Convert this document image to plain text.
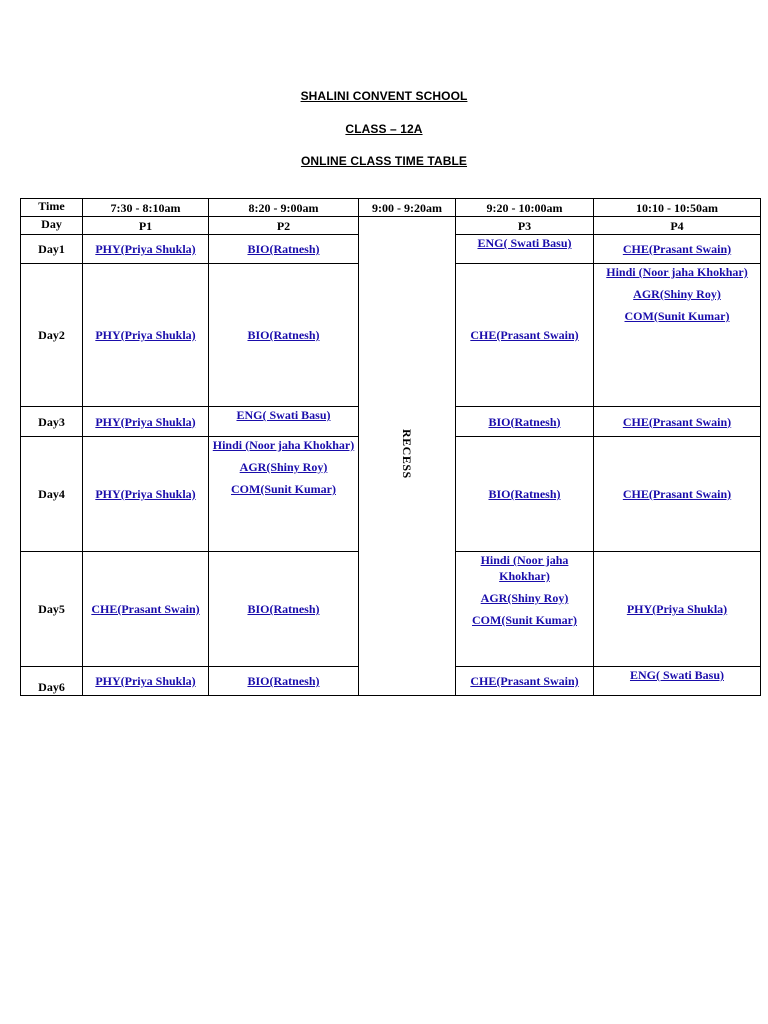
SHALINI CONVENT SCHOOL
CLASS – 12A
ONLINE CLASS TIME TABLE
Time	7:30 - 8:10am	8:20 - 9:00am	9:00 - 9:20am	9:20 - 10:00am	10:10 - 10:50am
Day	P1	P2	RECESS	P3	P4
Day1	PHY(Priya Shukla)	BIO(Ratnesh)		ENG( Swati Basu)	CHE(Prasant Swain)

Day2	PHY(Priya Shukla)	BIO(Ratnesh)		CHE(Prasant Swain)	Hindi (Noor jaha Khokhar)
AGR(Shiny Roy)
COM(Sunit Kumar)

Day3	PHY(Priya Shukla)	ENG( Swati Basu)		BIO(Ratnesh)	CHE(Prasant Swain)

Day4	PHY(Priya Shukla)	Hindi (Noor jaha Khokhar)
AGR(Shiny Roy)
COM(Sunit Kumar)		BIO(Ratnesh)	CHE(Prasant Swain)

Day5	CHE(Prasant Swain)	BIO(Ratnesh)		Hindi (Noor jaha Khokhar)
AGR(Shiny Roy)
COM(Sunit Kumar)	PHY(Priya Shukla)

Day6	PHY(Priya Shukla)	BIO(Ratnesh)		CHE(Prasant Swain)	ENG( Swati Basu)
